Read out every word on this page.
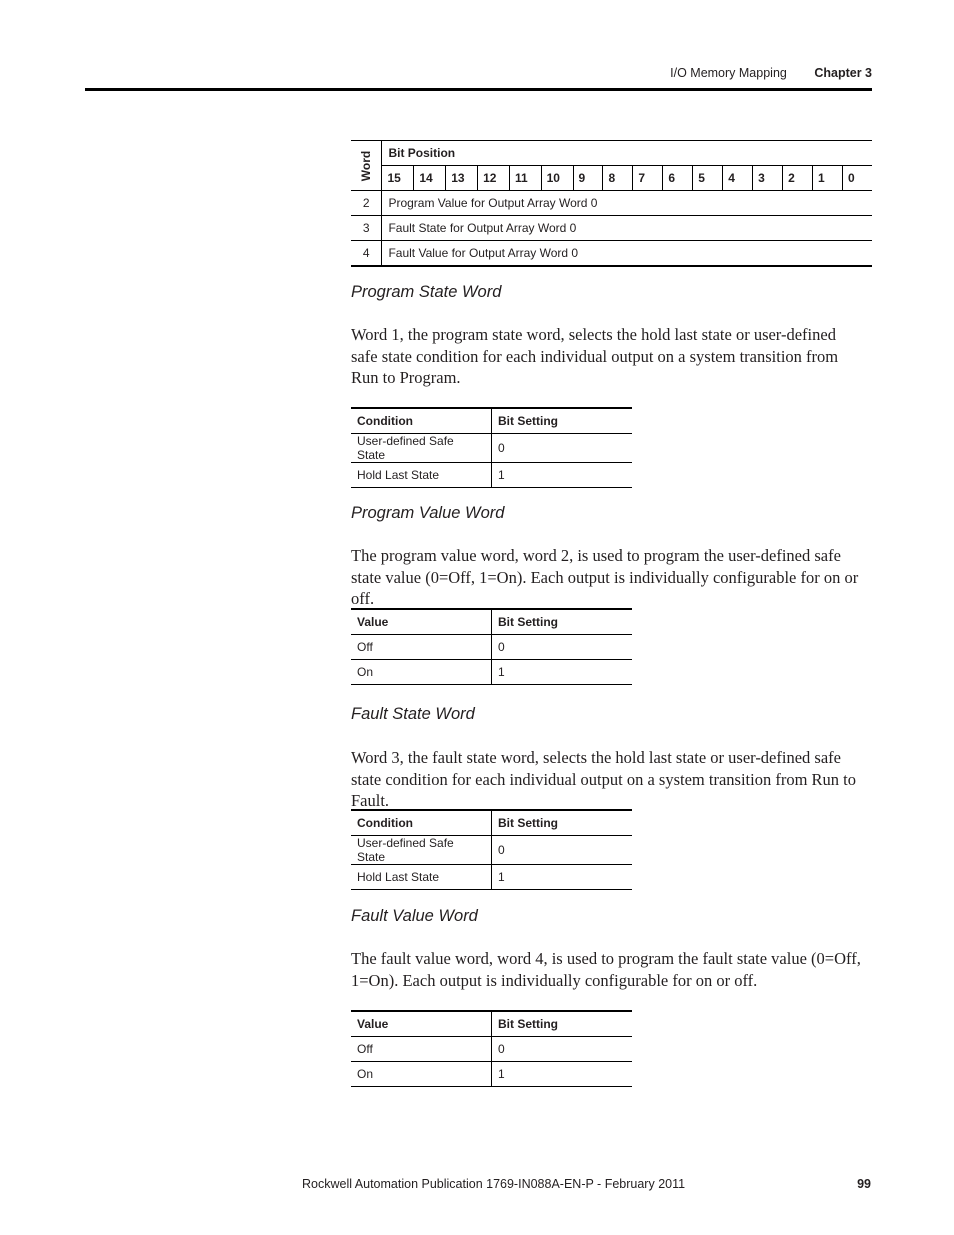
I/O Memory Mapping Chapter 3
Word	Bit Position															
	15	14	13	12	11	10	9	8	7	6	5	4	3	2	1	0
2	Program Value for Output Array Word 0															
3	Fault State for Output Array Word 0															
4	Fault Value for Output Array Word 0															
Program State Word
Word 1, the program state word, selects the hold last state or user-defined safe state condition for each individual output on a system transition from Run to Program.
Condition	Bit Setting
User-defined Safe State	0
Hold Last State	1
Program Value Word
The program value word, word 2, is used to program the user-defined safe state value (0=Off, 1=On). Each output is individually configurable for on or off.
Value	Bit Setting
Off	0
On	1
Fault State Word
Word 3, the fault state word, selects the hold last state or user-defined safe state condition for each individual output on a system transition from Run to Fault.
Condition	Bit Setting
User-defined Safe State	0
Hold Last State	1
Fault Value Word
The fault value word, word 4, is used to program the fault state value (0=Off, 1=On). Each output is individually configurable for on or off.
Value	Bit Setting
Off	0
On	1
Rockwell Automation Publication 1769-IN088A-EN-P - February 2011	99
